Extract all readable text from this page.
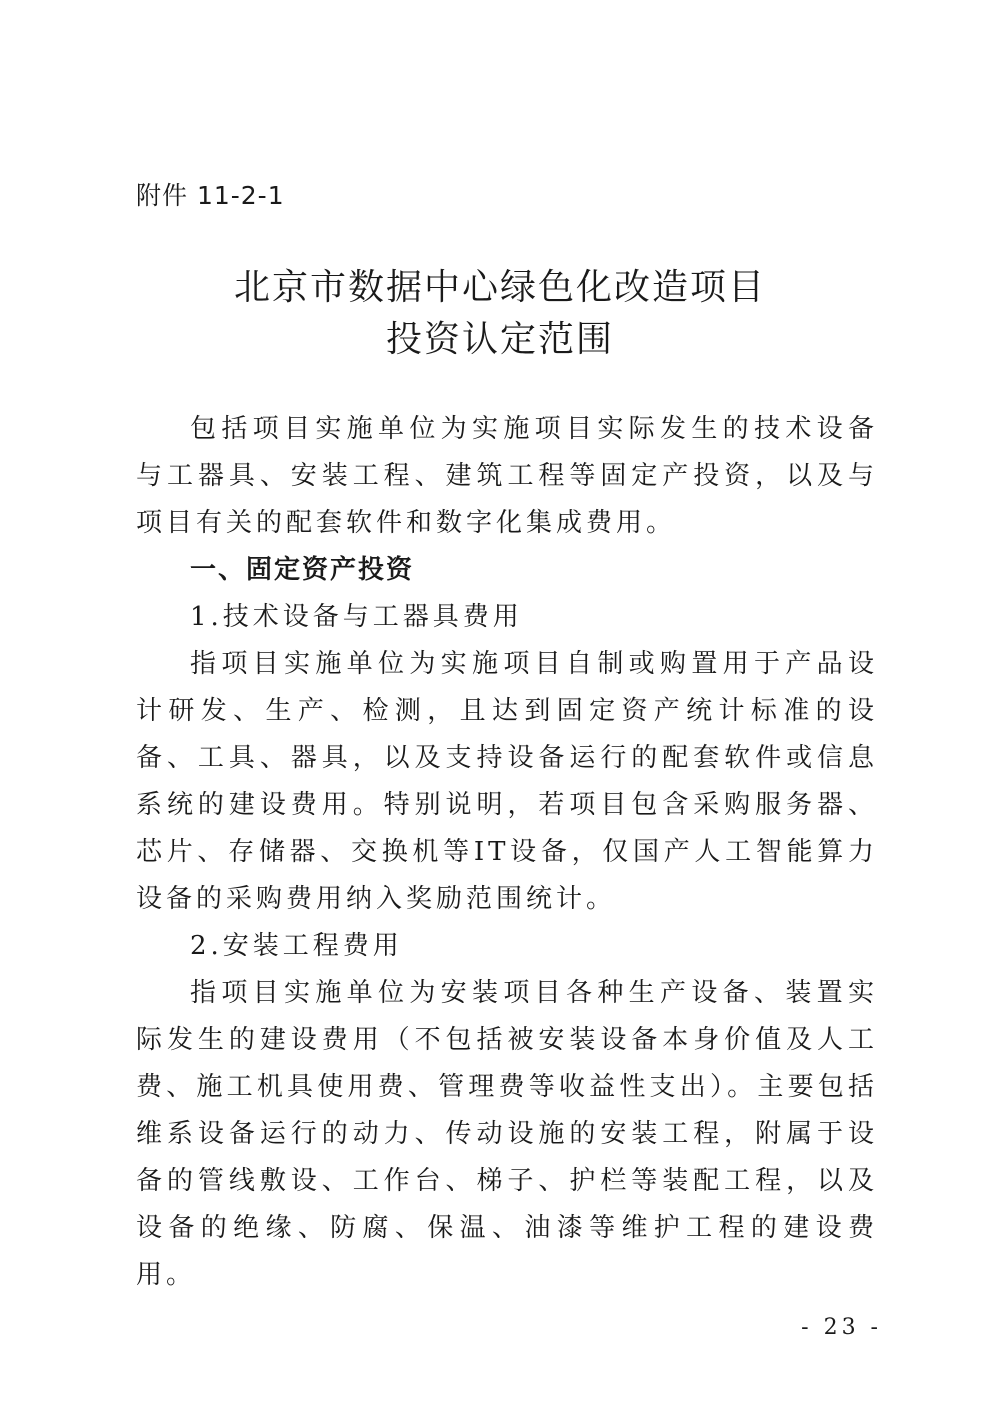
附件 11-2-1
北京市数据中心绿色化改造项目
投资认定范围

包括项目实施单位为实施项目实际发生的技术设备与工器具、安装工程、建筑工程等固定产投资，以及与项目有关的配套软件和数字化集成费用。

一、固定资产投资

1.技术设备与工器具费用

指项目实施单位为实施项目自制或购置用于产品设计研发、生产、检测，且达到固定资产统计标准的设备、工具、器具，以及支持设备运行的配套软件或信息系统的建设费用。特别说明，若项目包含采购服务器、芯片、存储器、交换机等IT设备，仅国产人工智能算力设备的采购费用纳入奖励范围统计。

2.安装工程费用

指项目实施单位为安装项目各种生产设备、装置实际发生的建设费用（不包括被安装设备本身价值及人工费、施工机具使用费、管理费等收益性支出）。主要包括维系设备运行的动力、传动设施的安装工程，附属于设备的管线敷设、工作台、梯子、护栏等装配工程，以及设备的绝缘、防腐、保温、油漆等维护工程的建设费用。

- 23 -
